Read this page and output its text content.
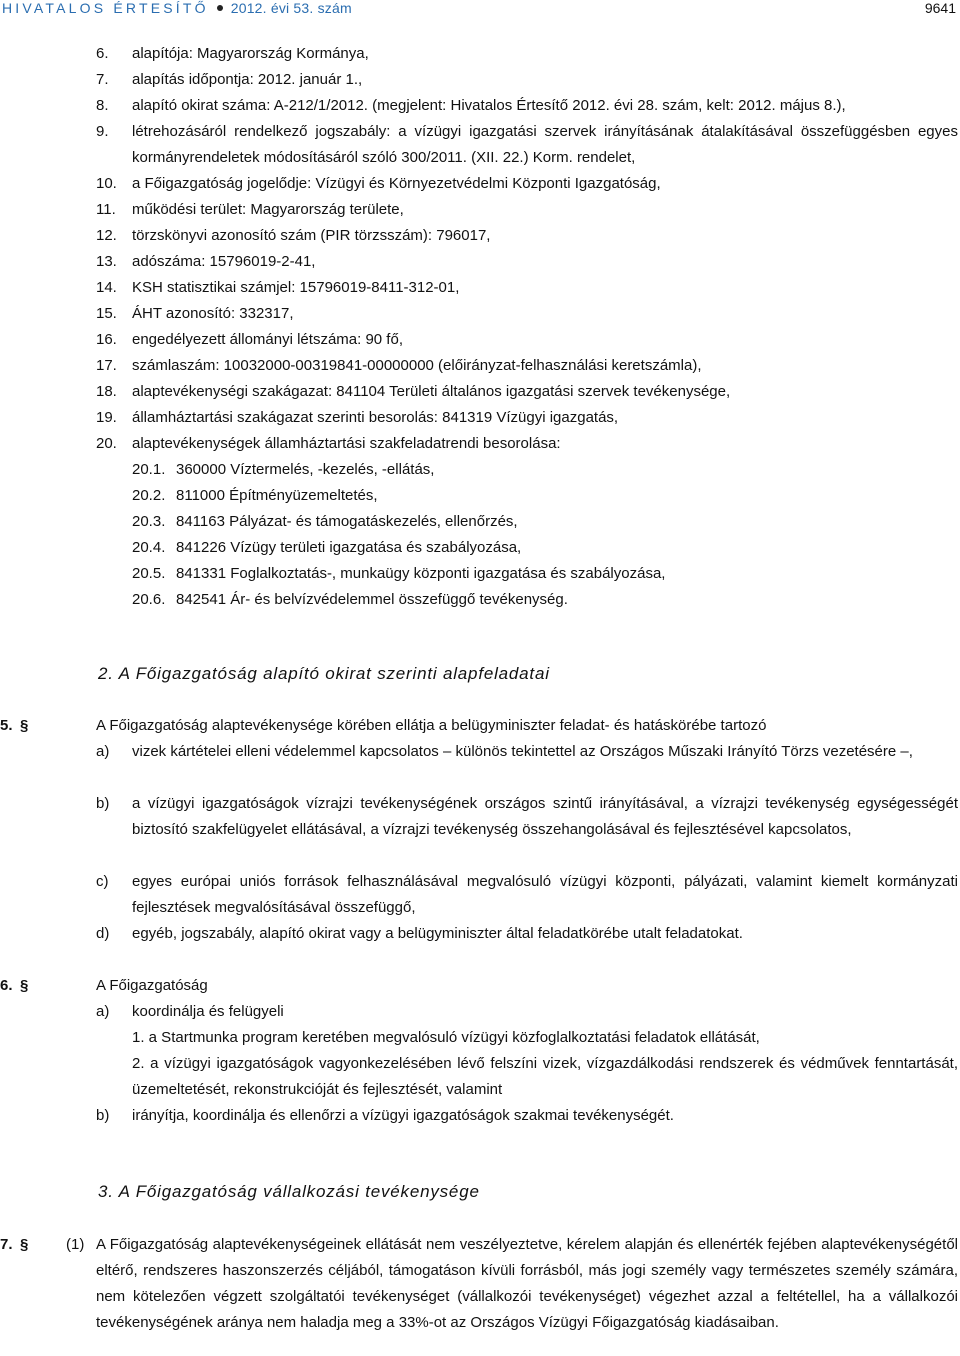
HIVATALOS ÉRTESÍTŐ 2012. évi 53. szám	9641
6.	alapítója: Magyarország Kormánya,
7.	alapítás időpontja: 2012. január 1.,
8.	alapító okirat száma: A-212/1/2012. (megjelent: Hivatalos Értesítő 2012. évi 28. szám, kelt: 2012. május 8.),
9. létrehozásáról rendelkező jogszabály: a vízügyi igazgatási szervek irányításának átalakításával összefüggésben egyes kormányrendeletek módosításáról szóló 300/2011. (XII. 22.) Korm. rendelet,
10.	a Főigazgatóság jogelődje: Vízügyi és Környezetvédelmi Központi Igazgatóság,
11.	működési terület: Magyarország területe,
12.	törzskönyvi azonosító szám (PIR törzsszám): 796017,
13.	adószáma: 15796019-2-41,
14.	KSH statisztikai számjel: 15796019-8411-312-01,
15.	ÁHT azonosító: 332317,
16.	engedélyezett állományi létszáma: 90 fő,
17.	számlaszám: 10032000-00319841-00000000 (előirányzat-felhasználási keretszámla),
18.	alaptevékenységi szakágazat: 841104 Területi általános igazgatási szervek tevékenysége,
19.	államháztartási szakágazat szerinti besorolás: 841319 Vízügyi igazgatás,
20.	alaptevékenységek államháztartási szakfeladatrendi besorolása:
20.1. 360000 Víztermelés, -kezelés, -ellátás,
20.2. 811000 Építményüzemeltetés,
20.3. 841163 Pályázat- és támogatáskezelés, ellenőrzés,
20.4. 841226 Vízügy területi igazgatása és szabályozása,
20.5. 841331 Foglalkoztatás-, munkaügy központi igazgatása és szabályozása,
20.6. 842541 Ár- és belvízvédelemmel összefüggő tevékenység.
2. A Főigazgatóság alapító okirat szerinti alapfeladatai
5. §	A Főigazgatóság alaptevékenysége körében ellátja a belügyminiszter feladat- és hatáskörébe tartozó
a) vizek kártételei elleni védelemmel kapcsolatos – különös tekintettel az Országos Műszaki Irányító Törzs vezetésére –,
b) a vízügyi igazgatóságok vízrajzi tevékenységének országos szintű irányításával, a vízrajzi tevékenység egységességét biztosító szakfelügyelet ellátásával, a vízrajzi tevékenység összehangolásával és fejlesztésével kapcsolatos,
c) egyes európai uniós források felhasználásával megvalósuló vízügyi központi, pályázati, valamint kiemelt kormányzati fejlesztések megvalósításával összefüggő,
d) egyéb, jogszabály, alapító okirat vagy a belügyminiszter által feladatkörébe utalt feladatokat.
6. §	A Főigazgatóság
a) koordinálja és felügyeli
1. a Startmunka program keretében megvalósuló vízügyi közfoglalkoztatási feladatok ellátását,
2. a vízügyi igazgatóságok vagyonkezelésében lévő felszíni vizek, vízgazdálkodási rendszerek és védművek fenntartását, üzemeltetését, rekonstrukcióját és fejlesztését, valamint
b) irányítja, koordinálja és ellenőrzi a vízügyi igazgatóságok szakmai tevékenységét.
3. A Főigazgatóság vállalkozási tevékenysége
7. §	(1) A Főigazgatóság alaptevékenységeinek ellátását nem veszélyeztetve, kérelem alapján és ellenérték fejében alaptevékenységétől eltérő, rendszeres haszonszerzés céljából, támogatáson kívüli forrásból, más jogi személy vagy természetes személy számára, nem kötelezően végzett szolgáltatói tevékenységet (vállalkozói tevékenységet) végezhet azzal a feltétellel, ha a vállalkozói tevékenységének aránya nem haladja meg a 33%-ot az Országos Vízügyi Főigazgatóság kiadásaiban.
